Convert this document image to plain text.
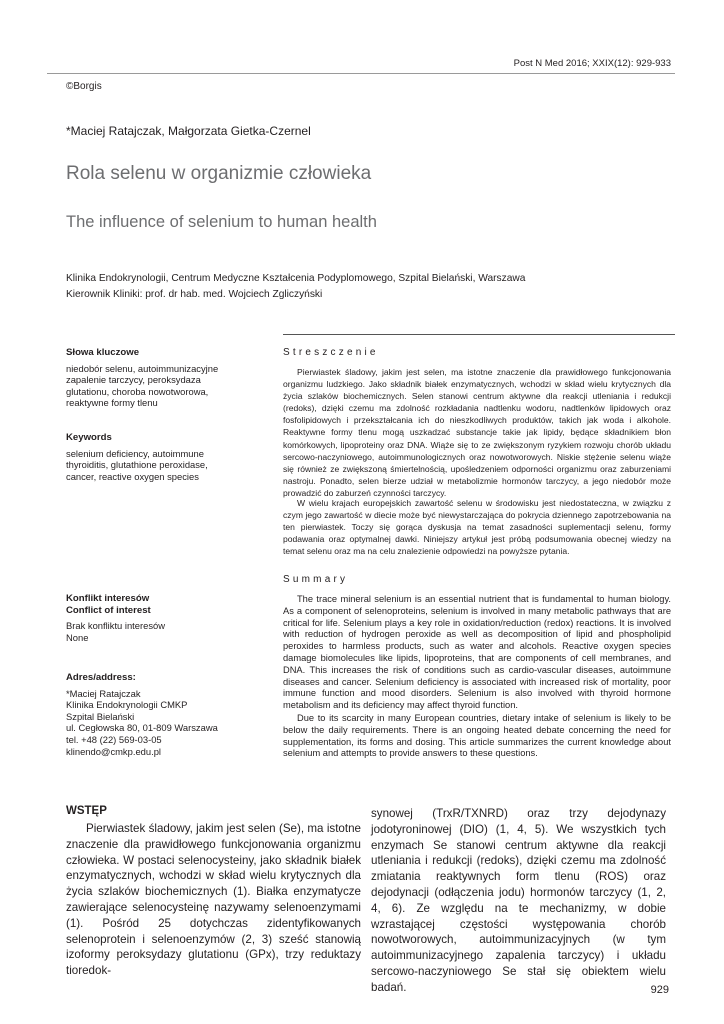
Post N Med 2016; XXIX(12): 929-933
©Borgis
*Maciej Ratajczak, Małgorzata Gietka-Czernel
Rola selenu w organizmie człowieka
The influence of selenium to human health
Klinika Endokrynologii, Centrum Medyczne Kształcenia Podyplomowego, Szpital Bielański, Warszawa
Kierownik Kliniki: prof. dr hab. med. Wojciech Zgliczyński
Słowa kluczowe
niedobór selenu, autoimmunizacyjne
zapalenie tarczycy, peroksydaza
glutationu, choroba nowotworowa,
reaktywne formy tlenu
Keywords
selenium deficiency, autoimmune
thyroiditis, glutathione peroxidase,
cancer, reactive oxygen species
Konflikt interesów
Conflict of interest
Brak konfliktu interesów
None
Adres/address:
*Maciej Ratajczak
Klinika Endokrynologii CMKP
Szpital Bielański
ul. Cegłowska 80, 01-809 Warszawa
tel. +48 (22) 569-03-05
klinendo@cmkp.edu.pl
Streszczenie

Pierwiastek śladowy, jakim jest selen, ma istotne znaczenie dla prawidłowego funkcjonowania organizmu ludzkiego. Jako składnik białek enzymatycznych, wchodzi w skład wielu krytycznych dla życia szlaków biochemicznych. Selen stanowi centrum aktywne dla reakcji utleniania i redukcji (redoks), dzięki czemu ma zdolność rozkładania nadtlenku wodoru, nadtlenków lipidowych oraz fosfolipidowych i przekształcania ich do nieszkodliwych produktów, takich jak woda i alkohole. Reaktywne formy tlenu mogą uszkadzać substancje takie jak lipidy, będące składnikiem błon komórkowych, lipoproteiny oraz DNA. Wiąże się to ze zwiększonym ryzykiem rozwoju chorób układu sercowo-naczyniowego, autoimmunologicznych oraz nowotworowych. Niskie stężenie selenu wiąże się również ze zwiększoną śmiertelnością, upośledzeniem odporności organizmu oraz zaburzeniami nastroju. Ponadto, selen bierze udział w metabolizmie hormonów tarczycy, a jego niedobór może prowadzić do zaburzeń czynności tarczycy.

W wielu krajach europejskich zawartość selenu w środowisku jest niedostateczna, w związku z czym jego zawartość w diecie może być niewystarczająca do pokrycia dziennego zapotrzebowania na ten pierwiastek. Toczy się gorąca dyskusja na temat zasadności suplementacji selenu, formy podawania oraz optymalnej dawki. Niniejszy artykuł jest próbą podsumowania obecnej wiedzy na temat selenu oraz ma na celu znalezienie odpowiedzi na powyższe pytania.

Summary

The trace mineral selenium is an essential nutrient that is fundamental to human biology. As a component of selenoproteins, selenium is involved in many metabolic pathways that are critical for life. Selenium plays a key role in oxidation/reduction (redox) reactions. It is involved with reduction of hydrogen peroxide as well as decomposition of lipid and phospholipid peroxides to harmless products, such as water and alcohols. Reactive oxygen species damage biomolecules like lipids, lipoproteins, that are components of cell membranes, and DNA. This increases the risk of conditions such as cardio-vascular diseases, autoimmune diseases and cancer. Selenium deficiency is associated with increased risk of mortality, poor immune function and mood disorders. Selenium is also involved with thyroid hormone metabolism and its deficiency may affect thyroid function.

Due to its scarcity in many European countries, dietary intake of selenium is likely to be below the daily requirements. There is an ongoing heated debate concerning the need for supplementation, its forms and dosing. This article summarizes the current knowledge about selenium and attempts to provide answers to these questions.

WSTĘP

Pierwiastek śladowy, jakim jest selen (Se), ma istotne znaczenie dla prawidłowego funkcjonowania organizmu człowieka. W postaci selenocysteiny, jako składnik białek enzymatycznych, wchodzi w skład wielu krytycznych dla życia szlaków biochemicznych (1). Białka enzymatycze zawierające selenocysteinę nazywamy selenoenzymami (1). Pośród 25 dotychczas zidentyfikowanych selenoprotein i selenoenzymów (2, 3) sześć stanowią izoformy peroksydazy glutationu (GPx), trzy reduktazy tioredok-

synowej (TrxR/TXNRD) oraz trzy dejodynazy jodotyroninowej (DIO) (1, 4, 5). We wszystkich tych enzymach Se stanowi centrum aktywne dla reakcji utleniania i redukcji (redoks), dzięki czemu ma zdolność zmiatania reaktywnych form tlenu (ROS) oraz dejodynacji (odłączenia jodu) hormonów tarczycy (1, 2, 4, 6). Ze względu na te mechanizmy, w dobie wzrastającej częstości występowania chorób nowotworowych, autoimmunizacyjnych (w tym autoimmunizacyjnego zapalenia tarczycy) i układu sercowo-naczyniowego Se stał się obiektem wielu badań.	929
